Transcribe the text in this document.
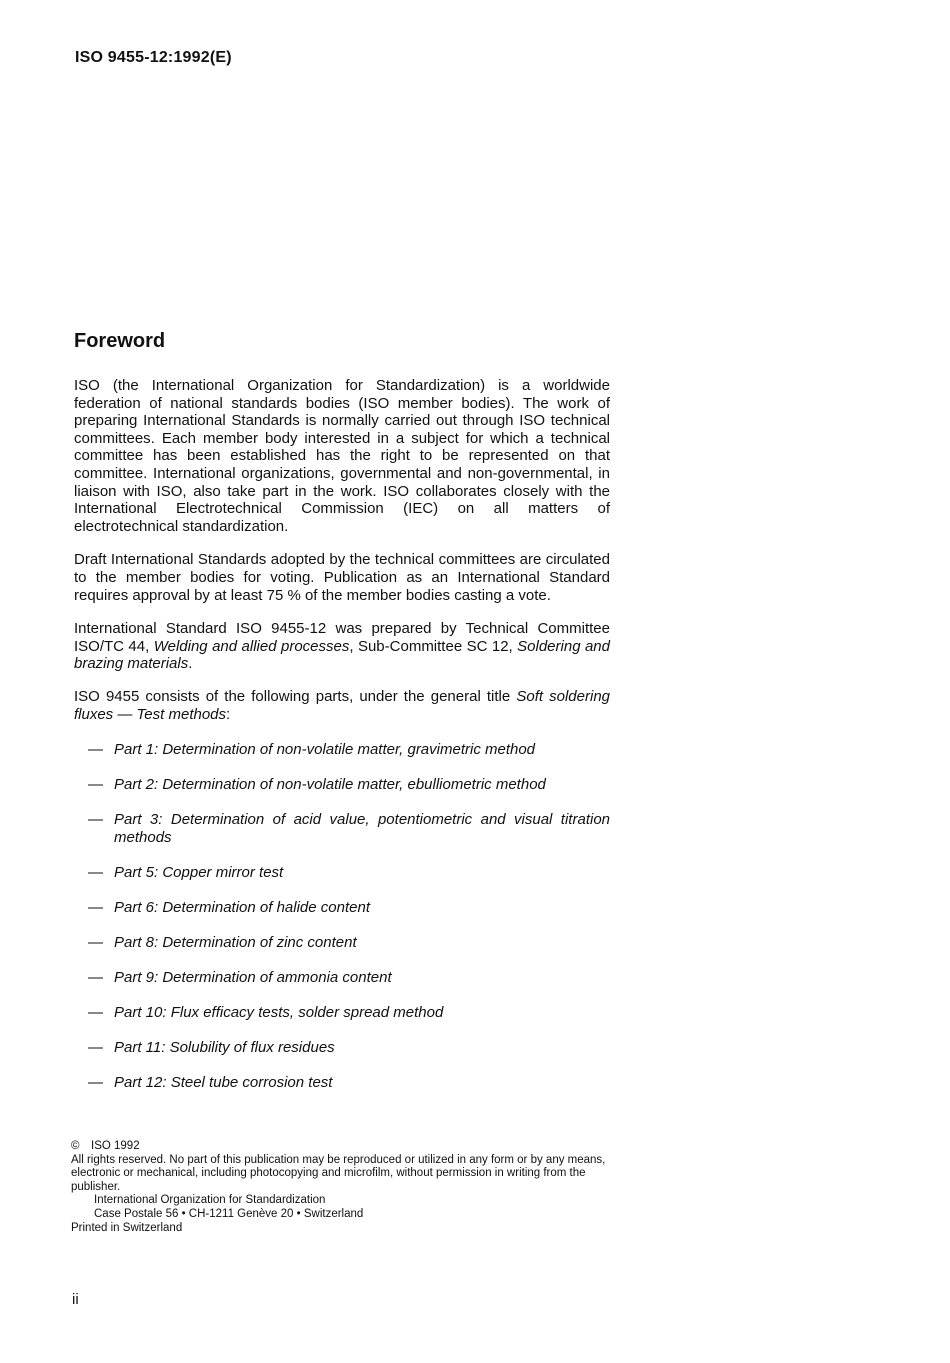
ISO 9455-12:1992(E)
Foreword

ISO (the International Organization for Standardization) is a worldwide federation of national standards bodies (ISO member bodies). The work of preparing International Standards is normally carried out through ISO technical committees. Each member body interested in a subject for which a technical committee has been established has the right to be represented on that committee. International organizations, governmental and non-governmental, in liaison with ISO, also take part in the work. ISO collaborates closely with the International Electrotechnical Commission (IEC) on all matters of electrotechnical standardization.

Draft International Standards adopted by the technical committees are circulated to the member bodies for voting. Publication as an International Standard requires approval by at least 75 % of the member bodies casting a vote.

International Standard ISO 9455-12 was prepared by Technical Committee ISO/TC 44, Welding and allied processes, Sub-Committee SC 12, Soldering and brazing materials.

ISO 9455 consists of the following parts, under the general title Soft soldering fluxes — Test methods:

— Part 1: Determination of non-volatile matter, gravimetric method
— Part 2: Determination of non-volatile matter, ebulliometric method
— Part 3: Determination of acid value, potentiometric and visual titration methods
— Part 5: Copper mirror test
— Part 6: Determination of halide content
— Part 8: Determination of zinc content
— Part 9: Determination of ammonia content
— Part 10: Flux efficacy tests, solder spread method
— Part 11: Solubility of flux residues
— Part 12: Steel tube corrosion test

© ISO 1992

All rights reserved. No part of this publication may be reproduced or utilized in any form or by any means, electronic or mechanical, including photocopying and microfilm, without permission in writing from the publisher.

International Organization for Standardization

Case Postale 56 • CH-1211 Genève 20 • Switzerland

Printed in Switzerland

ii
